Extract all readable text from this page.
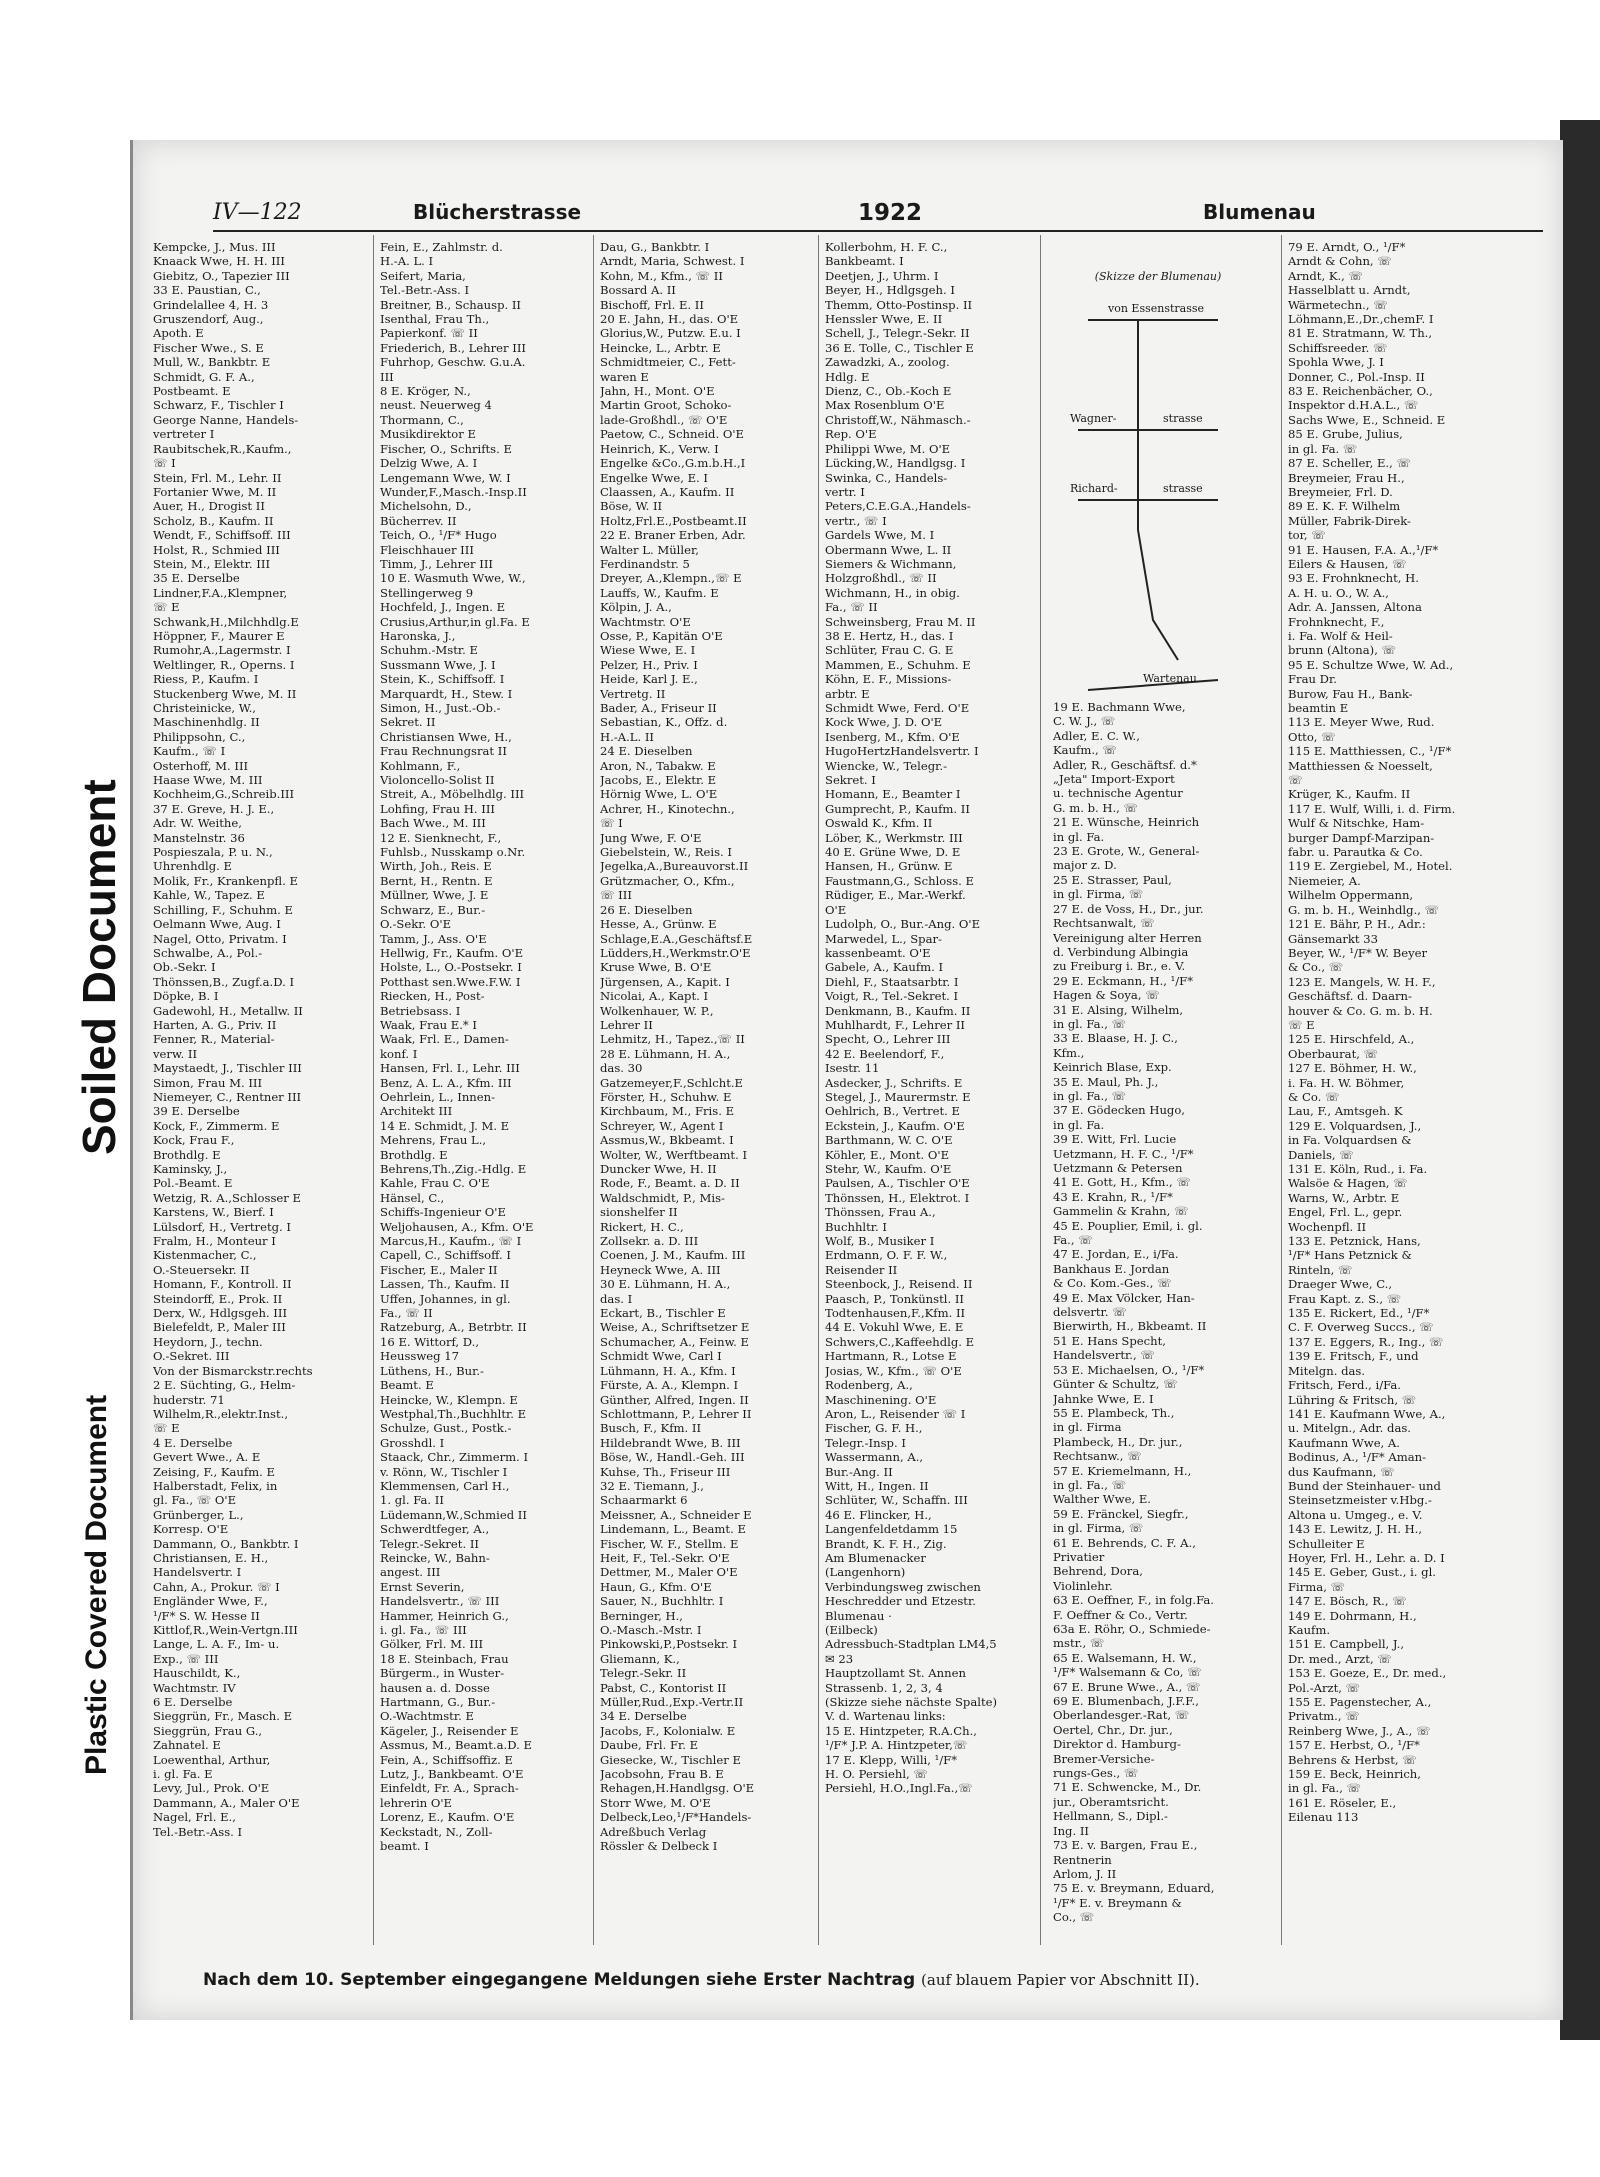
Soiled Document
Plastic Covered Document
IV—122	Blücherstrasse	1922	Blumenau
Kempcke, J., Mus. III
Knaack Wwe, H. H. III
Giebitz, O., Tapezier III
33 E. Paustian, C.,
Grindelallee 4, H. 3
Gruszendorf, Aug.,
Apoth. E
Fischer Wwe., S. E
Mull, W., Bankbtr. E
Schmidt, G. F. A.,
Postbeamt. E
Schwarz, F., Tischler I
George Nanne, Handels-
vertreter I
Raubitschek,R.,Kaufm.,
☏ I
Stein, Frl. M., Lehr. II
Fortanier Wwe, M. II
Auer, H., Drogist II
Scholz, B., Kaufm. II
Wendt, F., Schiffsoff. III
Holst, R., Schmied III
Stein, M., Elektr. III
35 E. Derselbe
Lindner,F.A.,Klempner,
☏ E
Schwank,H.,Milchhdlg.E
Höppner, F., Maurer E
Rumohr,A.,Lagermstr. I
Weltlinger, R., Operns. I
Riess, P., Kaufm. I
Stuckenberg Wwe, M. II
Christeinicke, W.,
Maschinenhdlg. II
Philippsohn, C.,
Kaufm., ☏ I
Osterhoff, M. III
Haase Wwe, M. III
Kochheim,G.,Schreib.III
37 E. Greve, H. J. E.,
Adr. W. Weithe,
Manstelnstr. 36
Pospieszala, P. u. N.,
Uhrenhdlg. E
Molik, Fr., Krankenpfl. E
Kahle, W., Tapez. E
Schilling, F., Schuhm. E
Oelmann Wwe, Aug. I
Nagel, Otto, Privatm. I
Schwalbe, A., Pol.-
Ob.-Sekr. I
Thönssen,B., Zugf.a.D. I
Döpke, B. I
Gadewohl, H., Metallw. II
Harten, A. G., Priv. II
Fenner, R., Material-
verw. II
Maystaedt, J., Tischler III
Simon, Frau M. III
Niemeyer, C., Rentner III
39 E. Derselbe
Kock, F., Zimmerm. E
Kock, Frau F.,
Brothdlg. E
Kaminsky, J.,
Pol.-Beamt. E
Wetzig, R. A.,Schlosser E
Karstens, W., Bierf. I
Lülsdorf, H., Vertretg. I
Fralm, H., Monteur I
Kistenmacher, C.,
O.-Steuersekr. II
Homann, F., Kontroll. II
Steindorff, E., Prok. II
Derx, W., Hdlgsgeh. III
Bielefeldt, P., Maler III
Heydorn, J., techn.
O.-Sekret. III
Von der Bismarckstr.rechts
2 E. Süchting, G., Helm-
huderstr. 71
Wilhelm,R.,elektr.Inst.,
☏ E
4 E. Derselbe
Gevert Wwe., A. E
Zeising, F., Kaufm. E
Halberstadt, Felix, in
gl. Fa., ☏ O'E
Grünberger, L.,
Korresp. O'E
Dammann, O., Bankbtr. I
Christiansen, E. H.,
Handelsvertr. I
Cahn, A., Prokur. ☏ I
Engländer Wwe, F.,
¹/F* S. W. Hesse II
Kittlof,R.,Wein-Vertgn.III
Lange, L. A. F., Im- u.
Exp., ☏ III
Hauschildt, K.,
Wachtmstr. IV
6 E. Derselbe
Sieggrün, Fr., Masch. E
Sieggrün, Frau G.,
Zahnatel. E
Loewenthal, Arthur,
i. gl. Fa. E
Levy, Jul., Prok. O'E
Dammann, A., Maler O'E
Nagel, Frl. E.,
Tel.-Betr.-Ass. I
Fein, E., Zahlmstr. d.
H.-A. L. I
Seifert, Maria,
Tel.-Betr.-Ass. I
Breitner, B., Schausp. II
Isenthal, Frau Th.,
Papierkonf. ☏ II
Friederich, B., Lehrer III
Fuhrhop, Geschw. G.u.A.
III
8 E. Kröger, N.,
neust. Neuerweg 4
Thormann, C.,
Musikdirektor E
Fischer, O., Schrifts. E
Delzig Wwe, A. I
Lengemann Wwe, W. I
Wunder,F.,Masch.-Insp.II
Michelsohn, D.,
Bücherrev. II
Teich, O., ¹/F* Hugo
Fleischhauer III
Timm, J., Lehrer III
10 E. Wasmuth Wwe, W.,
Stellingerweg 9
Hochfeld, J., Ingen. E
Crusius,Arthur,in gl.Fa. E
Haronska, J.,
Schuhm.-Mstr. E
Sussmann Wwe, J. I
Stein, K., Schiffsoff. I
Marquardt, H., Stew. I
Simon, H., Just.-Ob.-
Sekret. II
Christiansen Wwe, H.,
Frau Rechnungsrat II
Kohlmann, F.,
Violoncello-Solist II
Streit, A., Möbelhdlg. III
Lohfing, Frau H. III
Bach Wwe., M. III
12 E. Sienknecht, F.,
Fuhlsb., Nusskamp o.Nr.
Wirth, Joh., Reis. E
Bernt, H., Rentn. E
Müllner, Wwe, J. E
Schwarz, E., Bur.-
O.-Sekr. O'E
Tamm, J., Ass. O'E
Hellwig, Fr., Kaufm. O'E
Holste, L., O.-Postsekr. I
Potthast sen.Wwe.F.W. I
Riecken, H., Post-
Betriebsass. I
Waak, Frau E.* I
Waak, Frl. E., Damen-
konf. I
Hansen, Frl. I., Lehr. III
Benz, A. L. A., Kfm. III
Oehrlein, L., Innen-
Architekt III
14 E. Schmidt, J. M. E
Mehrens, Frau L.,
Brothdlg. E
Behrens,Th.,Zig.-Hdlg. E
Kahle, Frau C. O'E
Hänsel, C.,
Schiffs-Ingenieur O'E
Weljohausen, A., Kfm. O'E
Marcus,H., Kaufm., ☏ I
Capell, C., Schiffsoff. I
Fischer, E., Maler II
Lassen, Th., Kaufm. II
Uffen, Johannes, in gl.
Fa., ☏ II
Ratzeburg, A., Betrbtr. II
16 E. Wittorf, D.,
Heussweg 17
Lüthens, H., Bur.-
Beamt. E
Heincke, W., Klempn. E
Westphal,Th.,Buchhltr. E
Schulze, Gust., Postk.-
Grosshdl. I
Staack, Chr., Zimmerm. I
v. Rönn, W., Tischler I
Klemmensen, Carl H.,
1. gl. Fa. II
Lüdemann,W.,Schmied II
Schwerdtfeger, A.,
Telegr.-Sekret. II
Reincke, W., Bahn-
angest. III
Ernst Severin,
Handelsvertr., ☏ III
Hammer, Heinrich G.,
i. gl. Fa., ☏ III
Gölker, Frl. M. III
18 E. Steinbach, Frau
Bürgerm., in Wuster-
hausen a. d. Dosse
Hartmann, G., Bur.-
O.-Wachtmstr. E
Kägeler, J., Reisender E
Assmus, M., Beamt.a.D. E
Fein, A., Schiffsoffiz. E
Lutz, J., Bankbeamt. O'E
Einfeldt, Fr. A., Sprach-
lehrerin O'E
Lorenz, E., Kaufm. O'E
Keckstadt, N., Zoll-
beamt. I
Dau, G., Bankbtr. I
Arndt, Maria, Schwest. I
Kohn, M., Kfm., ☏ II
Bossard A. II
Bischoff, Frl. E. II
20 E. Jahn, H., das. O'E
Glorius,W., Putzw. E.u. I
Heincke, L., Arbtr. E
Schmidtmeier, C., Fett-
waren E
Jahn, H., Mont. O'E
Martin Groot, Schoko-
lade-Großhdl., ☏ O'E
Paetow, C., Schneid. O'E
Heinrich, K., Verw. I
Engelke &Co.,G.m.b.H.,I
Engelke Wwe, E. I
Claassen, A., Kaufm. II
Böse, W. II
Holtz,Frl.E.,Postbeamt.II
22 E. Braner Erben, Adr.
Walter L. Müller,
Ferdinandstr. 5
Dreyer, A.,Klempn.,☏ E
Lauffs, W., Kaufm. E
Kölpin, J. A.,
Wachtmstr. O'E
Osse, P., Kapitän O'E
Wiese Wwe, E. I
Pelzer, H., Priv. I
Heide, Karl J. E.,
Vertretg. II
Bader, A., Friseur II
Sebastian, K., Offz. d.
H.-A.L. II
24 E. Dieselben
Aron, N., Tabakw. E
Jacobs, E., Elektr. E
Hörnig Wwe, L. O'E
Achrer, H., Kinotechn.,
☏ I
Jung Wwe, F. O'E
Giebelstein, W., Reis. I
Jegelka,A.,Bureauvorst.II
Grützmacher, O., Kfm.,
☏ III
26 E. Dieselben
Hesse, A., Grünw. E
Schlage,E.A.,Geschäftsf.E
Lüdders,H.,Werkmstr.O'E
Kruse Wwe, B. O'E
Jürgensen, A., Kapit. I
Nicolai, A., Kapt. I
Wolkenhauer, W. P.,
Lehrer II
Lehmitz, H., Tapez.,☏ II
28 E. Lühmann, H. A.,
das. 30
Gatzemeyer,F.,Schlcht.E
Förster, H., Schuhw. E
Kirchbaum, M., Fris. E
Schreyer, W., Agent I
Assmus,W., Bkbeamt. I
Wolter, W., Werftbeamt. I
Duncker Wwe, H. II
Rode, F., Beamt. a. D. II
Waldschmidt, P., Mis-
sionshelfer II
Rickert, H. C.,
Zollsekr. a. D. III
Coenen, J. M., Kaufm. III
Heyneck Wwe, A. III
30 E. Lühmann, H. A.,
das. I
Eckart, B., Tischler E
Weise, A., Schriftsetzer E
Schumacher, A., Feinw. E
Schmidt Wwe, Carl I
Lühmann, H. A., Kfm. I
Fürste, A. A., Klempn. I
Günther, Alfred, Ingen. II
Schlottmann, P., Lehrer II
Busch, F., Kfm. II
Hildebrandt Wwe, B. III
Böse, W., Handl.-Geh. III
Kuhse, Th., Friseur III
32 E. Tiemann, J.,
Schaarmarkt 6
Meissner, A., Schneider E
Lindemann, L., Beamt. E
Fischer, W. F., Stellm. E
Heit, F., Tel.-Sekr. O'E
Dettmer, M., Maler O'E
Haun, G., Kfm. O'E
Sauer, N., Buchhltr. I
Berninger, H.,
O.-Masch.-Mstr. I
Pinkowski,P.,Postsekr. I
Gliemann, K.,
Telegr.-Sekr. II
Pabst, C., Kontorist II
Müller,Rud.,Exp.-Vertr.II
34 E. Derselbe
Jacobs, F., Kolonialw. E
Daube, Frl. Fr. E
Giesecke, W., Tischler E
Jacobsohn, Frau B. E
Rehagen,H.Handlgsg. O'E
Storr Wwe, M. O'E
Delbeck,Leo,¹/F*Handels-
Adreßbuch Verlag
Rössler & Delbeck I
Kollerbohm, H. F. C.,
Bankbeamt. I
Deetjen, J., Uhrm. I
Beyer, H., Hdlgsgeh. I
Themm, Otto-Postinsp. II
Henssler Wwe, E. II
Schell, J., Telegr.-Sekr. II
36 E. Tolle, C., Tischler E
Zawadzki, A., zoolog.
Hdlg. E
Dienz, C., Ob.-Koch E
Max Rosenblum O'E
Christoff,W., Nähmasch.-
Rep. O'E
Philippi Wwe, M. O'E
Lücking,W., Handlgsg. I
Swinka, C., Handels-
vertr. I
Peters,C.E.G.A.,Handels-
vertr., ☏ I
Gardels Wwe, M. I
Obermann Wwe, L. II
Siemers & Wichmann,
Holzgroßhdl., ☏ II
Wichmann, H., in obig.
Fa., ☏ II
Schweinsberg, Frau M. II
38 E. Hertz, H., das. I
Schlüter, Frau C. G. E
Mammen, E., Schuhm. E
Köhn, E. F., Missions-
arbtr. E
Schmidt Wwe, Ferd. O'E
Kock Wwe, J. D. O'E
Isenberg, M., Kfm. O'E
HugoHertzHandelsvertr. I
Wiencke, W., Telegr.-
Sekret. I
Homann, E., Beamter I
Gumprecht, P., Kaufm. II
Oswald K., Kfm. II
Löber, K., Werkmstr. III
40 E. Grüne Wwe, D. E
Hansen, H., Grünw. E
Faustmann,G., Schloss. E
Rüdiger, E., Mar.-Werkf.
O'E
Ludolph, O., Bur.-Ang. O'E
Marwedel, L., Spar-
kassenbeamt. O'E
Gabele, A., Kaufm. I
Diehl, F., Staatsarbtr. I
Voigt, R., Tel.-Sekret. I
Denkmann, B., Kaufm. II
Muhlhardt, F., Lehrer II
Specht, O., Lehrer III
42 E. Beelendorf, F.,
Isestr. 11
Asdecker, J., Schrifts. E
Stegel, J., Maurermstr. E
Oehlrich, B., Vertret. E
Eckstein, J., Kaufm. O'E
Barthmann, W. C. O'E
Köhler, E., Mont. O'E
Stehr, W., Kaufm. O'E
Paulsen, A., Tischler O'E
Thönssen, H., Elektrot. I
Thönssen, Frau A.,
Buchhltr. I
Wolf, B., Musiker I
Erdmann, O. F. F. W.,
Reisender II
Steenbock, J., Reisend. II
Paasch, P., Tonkünstl. II
Todtenhausen,F.,Kfm. II
44 E. Vokuhl Wwe, E. E
Schwers,C.,Kaffeehdlg. E
Hartmann, R., Lotse E
Josias, W., Kfm., ☏ O'E
Rodenberg, A.,
Maschinening. O'E
Aron, L., Reisender ☏ I
Fischer, G. F. H.,
Telegr.-Insp. I
Wassermann, A.,
Bur.-Ang. II
Witt, H., Ingen. II
Schlüter, W., Schaffn. III
46 E. Flincker, H.,
Langenfeldetdamm 15
Brandt, K. F. H., Zig.
Am Blumenacker
(Langenhorn)
Verbindungsweg zwischen
Heschredder und Etzestr.
Blumenau ·
(Eilbeck)
Adressbuch-Stadtplan LM4,5
✉ 23
Hauptzollamt St. Annen
Strassenb. 1, 2, 3, 4
(Skizze siehe nächste Spalte)
V. d. Wartenau links:
15 E. Hintzpeter, R.A.Ch.,
¹/F* J.P. A. Hintzpeter,☏
17 E. Klepp, Willi, ¹/F*
H. O. Persiehl, ☏
Persiehl, H.O.,Ingl.Fa.,☏
(Skizze der Blumenau)
von Essenstrasse
Wagner-	strasse
Richard-	strasse
Wartenau
19 E. Bachmann Wwe,
C. W. J., ☏
Adler, E. C. W.,
Kaufm., ☏
Adler, R., Geschäftsf. d.*
„Jeta" Import-Export
u. technische Agentur
G. m. b. H., ☏
21 E. Wünsche, Heinrich
in gl. Fa.
23 E. Grote, W., General-
major z. D.
25 E. Strasser, Paul,
in gl. Firma, ☏
27 E. de Voss, H., Dr., jur.
Rechtsanwalt, ☏
Vereinigung alter Herren
d. Verbindung Albingia
zu Freiburg i. Br., e. V.
29 E. Eckmann, H., ¹/F*
Hagen & Soya, ☏
31 E. Alsing, Wilhelm,
in gl. Fa., ☏
33 E. Blaase, H. J. C.,
Kfm.,
Keinrich Blase, Exp.
35 E. Maul, Ph. J.,
in gl. Fa., ☏
37 E. Gödecken Hugo,
in gl. Fa.
39 E. Witt, Frl. Lucie
Uetzmann, H. F. C., ¹/F*
Uetzmann & Petersen
41 E. Gott, H., Kfm., ☏
43 E. Krahn, R., ¹/F*
Gammelin & Krahn, ☏
45 E. Pouplier, Emil, i. gl.
Fa., ☏
47 E. Jordan, E., i/Fa.
Bankhaus E. Jordan
& Co. Kom.-Ges., ☏
49 E. Max Völcker, Han-
delsvertr. ☏
Bierwirth, H., Bkbeamt. II
51 E. Hans Specht,
Handelsvertr., ☏
53 E. Michaelsen, O., ¹/F*
Günter & Schultz, ☏
Jahnke Wwe, E. I
55 E. Plambeck, Th.,
in gl. Firma
Plambeck, H., Dr. jur.,
Rechtsanw., ☏
57 E. Kriemelmann, H.,
in gl. Fa., ☏
Walther Wwe, E.
59 E. Fränckel, Siegfr.,
in gl. Firma, ☏
61 E. Behrends, C. F. A.,
Privatier
Behrend, Dora,
Violinlehr.
63 E. Oeffner, F., in folg.Fa.
F. Oeffner & Co., Vertr.
63a E. Röhr, O., Schmiede-
mstr., ☏
65 E. Walsemann, H. W.,
¹/F* Walsemann & Co, ☏
67 E. Brune Wwe., A., ☏
69 E. Blumenbach, J.F.F.,
Oberlandesger.-Rat, ☏
Oertel, Chr., Dr. jur.,
Direktor d. Hamburg-
Bremer-Versiche-
rungs-Ges., ☏
71 E. Schwencke, M., Dr.
jur., Oberamtsricht.
Hellmann, S., Dipl.-
Ing. II
73 E. v. Bargen, Frau E.,
Rentnerin
Arlom, J. II
75 E. v. Breymann, Eduard,
¹/F* E. v. Breymann &
Co., ☏
79 E. Arndt, O., ¹/F*
Arndt & Cohn, ☏
Arndt, K., ☏
Hasselblatt u. Arndt,
Wärmetechn., ☏
Löhmann,E.,Dr.,chemF. I
81 E. Stratmann, W. Th.,
Schiffsreeder. ☏
Spohla Wwe, J. I
Donner, C., Pol.-Insp. II
83 E. Reichenbächer, O.,
Inspektor d.H.A.L., ☏
Sachs Wwe, E., Schneid. E
85 E. Grube, Julius,
in gl. Fa. ☏
87 E. Scheller, E., ☏
Breymeier, Frau H.,
Breymeier, Frl. D.
89 E. K. F. Wilhelm
Müller, Fabrik-Direk-
tor, ☏
91 E. Hausen, F.A. A.,¹/F*
Eilers & Hausen, ☏
93 E. Frohnknecht, H.
A. H. u. O., W. A.,
Adr. A. Janssen, Altona
Frohnknecht, F.,
i. Fa. Wolf & Heil-
brunn (Altona), ☏
95 E. Schultze Wwe, W. Ad.,
Frau Dr.
Burow, Fau H., Bank-
beamtin E
113 E. Meyer Wwe, Rud.
Otto, ☏
115 E. Matthiessen, C., ¹/F*
Matthiessen & Noesselt,
☏
Krüger, K., Kaufm. II
117 E. Wulf, Willi, i. d. Firm.
Wulf & Nitschke, Ham-
burger Dampf-Marzipan-
fabr. u. Parautka & Co.
119 E. Zergiebel, M., Hotel.
Niemeier, A.
Wilhelm Oppermann,
G. m. b. H., Weinhdlg., ☏
121 E. Bähr, P. H., Adr.:
Gänsemarkt 33
Beyer, W., ¹/F* W. Beyer
& Co., ☏
123 E. Mangels, W. H. F.,
Geschäftsf. d. Daarn-
houver & Co. G. m. b. H.
☏ E
125 E. Hirschfeld, A.,
Oberbaurat, ☏
127 E. Böhmer, H. W.,
i. Fa. H. W. Böhmer,
& Co. ☏
Lau, F., Amtsgeh. K
129 E. Volquardsen, J.,
in Fa. Volquardsen &
Daniels, ☏
131 E. Köln, Rud., i. Fa.
Walsöe & Hagen, ☏
Warns, W., Arbtr. E
Engel, Frl. L., gepr.
Wochenpfl. II
133 E. Petznick, Hans,
¹/F* Hans Petznick &
Rinteln, ☏
Draeger Wwe, C.,
Frau Kapt. z. S., ☏
135 E. Rickert, Ed., ¹/F*
C. F. Overweg Succs., ☏
137 E. Eggers, R., Ing., ☏
139 E. Fritsch, F., und
Mitelgn. das.
Fritsch, Ferd., i/Fa.
Lühring & Fritsch, ☏
141 E. Kaufmann Wwe, A.,
u. Mitelgn., Adr. das.
Kaufmann Wwe, A.
Bodinus, A., ¹/F* Aman-
dus Kaufmann, ☏
Bund der Steinhauer- und
Steinsetzmeister v.Hbg.-
Altona u. Umgeg., e. V.
143 E. Lewitz, J. H. H.,
Schulleiter E
Hoyer, Frl. H., Lehr. a. D. I
145 E. Geber, Gust., i. gl.
Firma, ☏
147 E. Bösch, R., ☏
149 E. Dohrmann, H.,
Kaufm.
151 E. Campbell, J.,
Dr. med., Arzt, ☏
153 E. Goeze, E., Dr. med.,
Pol.-Arzt, ☏
155 E. Pagenstecher, A.,
Privatm., ☏
Reinberg Wwe, J., A., ☏
157 E. Herbst, O., ¹/F*
Behrens & Herbst, ☏
159 E. Beck, Heinrich,
in gl. Fa., ☏
161 E. Röseler, E.,
Eilenau 113
Nach dem 10. September eingegangene Meldungen siehe Erster Nachtrag (auf blauem Papier vor Abschnitt II).
